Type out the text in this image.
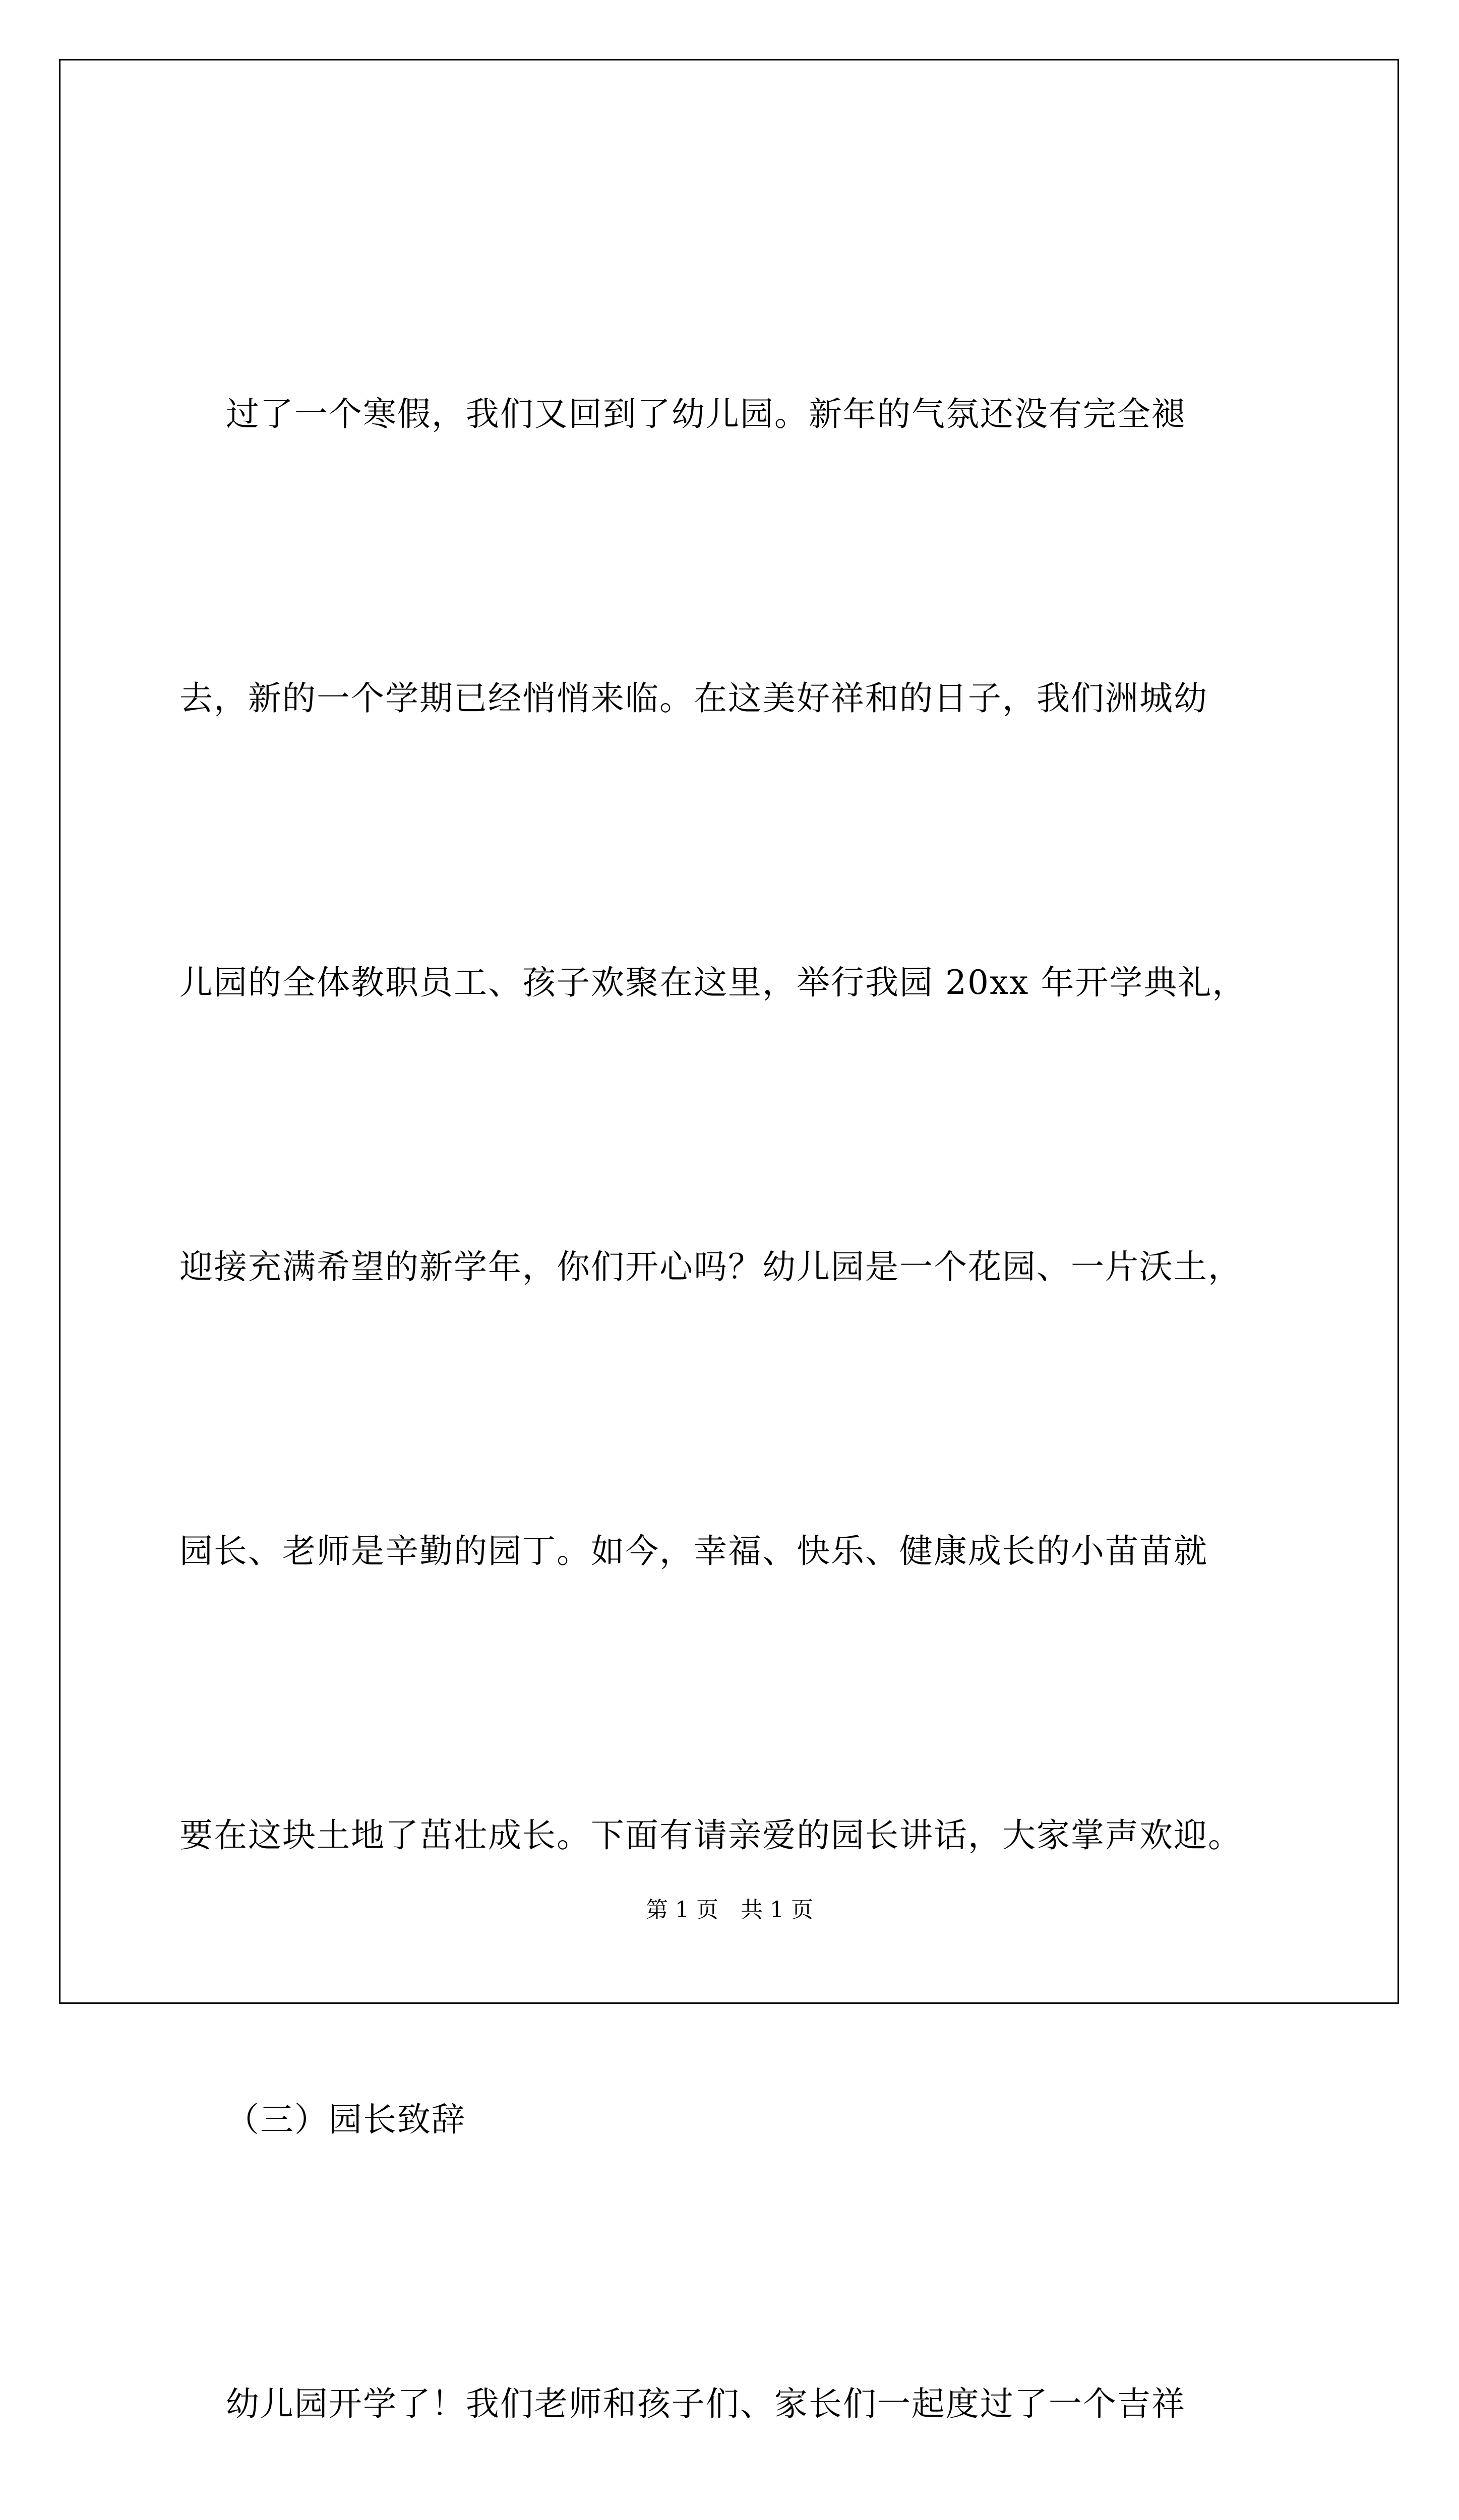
过了一个寒假，我们又回到了幼儿园。新年的气氛还没有完全褪

去，新的一个学期已经悄悄来临。在这美好祥和的日子，我们洲城幼

儿园的全体教职员工、孩子欢聚在这里，举行我园 20xx 年开学典礼，

迎接充满希望的新学年，你们开心吗？幼儿园是一个花园、一片沃土，

园长、老师是辛勤的园丁。如今，幸福、快乐、健康成长的小苗苗就

要在这块土地了茁壮成长。下面有请亲爱的园长讲话，大家掌声欢迎。

（三）园长致辞

幼儿园开学了！我们老师和孩子们、家长们一起度过了一个吉祥

第 1 页　共 1 页
